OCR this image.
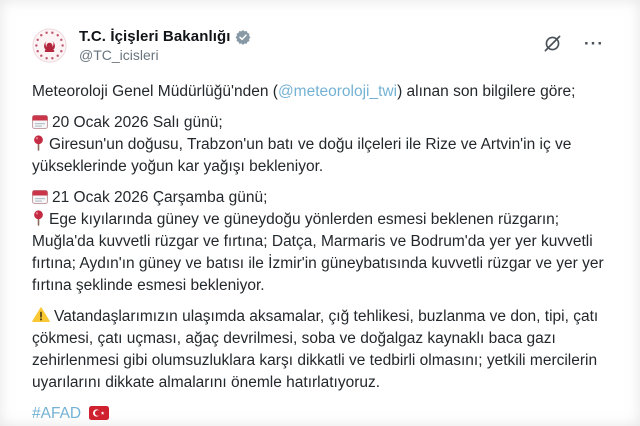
T.C. İçişleri Bakanlığı
@TC_icisleri
···

Meteoroloji Genel Müdürlüğü'nden (@meteoroloji_twi) alınan son bilgilere göre;

20 Ocak 2026 Salı günü;
Giresun'un doğusu, Trabzon'un batı ve doğu ilçeleri ile Rize ve Artvin'in iç ve yükseklerinde yoğun kar yağışı bekleniyor.

21 Ocak 2026 Çarşamba günü;
Ege kıyılarında güney ve güneydoğu yönlerden esmesi beklenen rüzgarın; Muğla'da kuvvetli rüzgar ve fırtına; Datça, Marmaris ve Bodrum'da yer yer kuvvetli fırtına; Aydın'ın güney ve batısı ile İzmir'in güneybatısında kuvvetli rüzgar ve yer yer fırtına şeklinde esmesi bekleniyor.

Vatandaşlarımızın ulaşımda aksamalar, çığ tehlikesi, buzlanma ve don, tipi, çatı çökmesi, çatı uçması, ağaç devrilmesi, soba ve doğalgaz kaynaklı baca gazı zehirlenmesi gibi olumsuzluklara karşı dikkatli ve tedbirli olmasını; yetkili mercilerin uyarılarını dikkate almalarını önemle hatırlatıyoruz.

#AFAD
